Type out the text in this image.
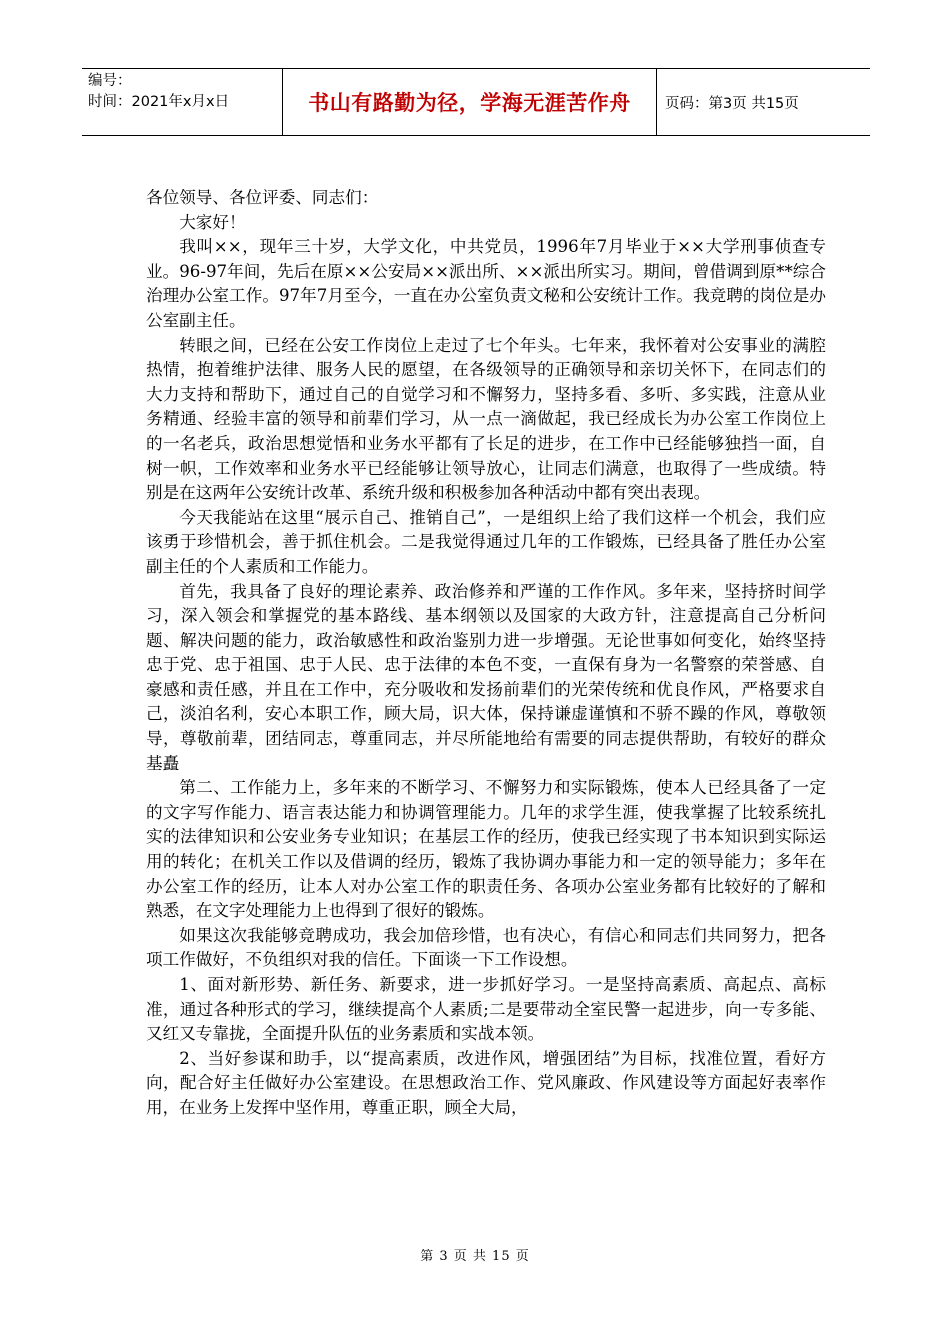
编号：
时间：2021年x月x日	书山有路勤为径，学海无涯苦作舟	页码：第3页 共15页

各位领导、各位评委、同志们：

大家好！

我叫××，现年三十岁，大学文化，中共党员，1996年7月毕业于××大学刑事侦查专业。96-97年间，先后在原××公安局××派出所、××派出所实习。期间，曾借调到原**综合治理办公室工作。97年7月至今，一直在办公室负责文秘和公安统计工作。我竞聘的岗位是办公室副主任。

转眼之间，已经在公安工作岗位上走过了七个年头。七年来，我怀着对公安事业的满腔热情，抱着维护法律、服务人民的愿望，在各级领导的正确领导和亲切关怀下，在同志们的大力支持和帮助下，通过自己的自觉学习和不懈努力，坚持多看、多听、多实践，注意从业务精通、经验丰富的领导和前辈们学习，从一点一滴做起，我已经成长为办公室工作岗位上的一名老兵，政治思想觉悟和业务水平都有了长足的进步，在工作中已经能够独挡一面，自树一帜，工作效率和业务水平已经能够让领导放心，让同志们满意，也取得了一些成绩。特别是在这两年公安统计改革、系统升级和积极参加各种活动中都有突出表现。

今天我能站在这里“展示自己、推销自己”，一是组织上给了我们这样一个机会，我们应该勇于珍惜机会，善于抓住机会。二是我觉得通过几年的工作锻炼，已经具备了胜任办公室副主任的个人素质和工作能力。

首先，我具备了良好的理论素养、政治修养和严谨的工作作风。多年来，坚持挤时间学习，深入领会和掌握党的基本路线、基本纲领以及国家的大政方针，注意提高自己分析问题、解决问题的能力，政治敏感性和政治鉴别力进一步增强。无论世事如何变化，始终坚持忠于党、忠于祖国、忠于人民、忠于法律的本色不变，一直保有身为一名警察的荣誉感、自豪感和责任感，并且在工作中，充分吸收和发扬前辈们的光荣传统和优良作风，严格要求自己，淡泊名利，安心本职工作，顾大局，识大体，保持谦虚谨慎和不骄不躁的作风，尊敬领导，尊敬前辈，团结同志，尊重同志，并尽所能地给有需要的同志提供帮助，有较好的群众基矗

第二、工作能力上，多年来的不断学习、不懈努力和实际锻炼，使本人已经具备了一定的文字写作能力、语言表达能力和协调管理能力。几年的求学生涯，使我掌握了比较系统扎实的法律知识和公安业务专业知识；在基层工作的经历，使我已经实现了书本知识到实际运用的转化；在机关工作以及借调的经历，锻炼了我协调办事能力和一定的领导能力；多年在办公室工作的经历，让本人对办公室工作的职责任务、各项办公室业务都有比较好的了解和熟悉，在文字处理能力上也得到了很好的锻炼。

如果这次我能够竞聘成功，我会加倍珍惜，也有决心，有信心和同志们共同努力，把各项工作做好，不负组织对我的信任。下面谈一下工作设想。

1、面对新形势、新任务、新要求，进一步抓好学习。一是坚持高素质、高起点、高标准，通过各种形式的学习，继续提高个人素质;二是要带动全室民警一起进步，向一专多能、又红又专靠拢，全面提升队伍的业务素质和实战本领。

2、当好参谋和助手，以“提高素质，改进作风，增强团结”为目标，找准位置，看好方向，配合好主任做好办公室建设。在思想政治工作、党风廉政、作风建设等方面起好表率作用，在业务上发挥中坚作用，尊重正职，顾全大局，

第 3 页 共 15 页
